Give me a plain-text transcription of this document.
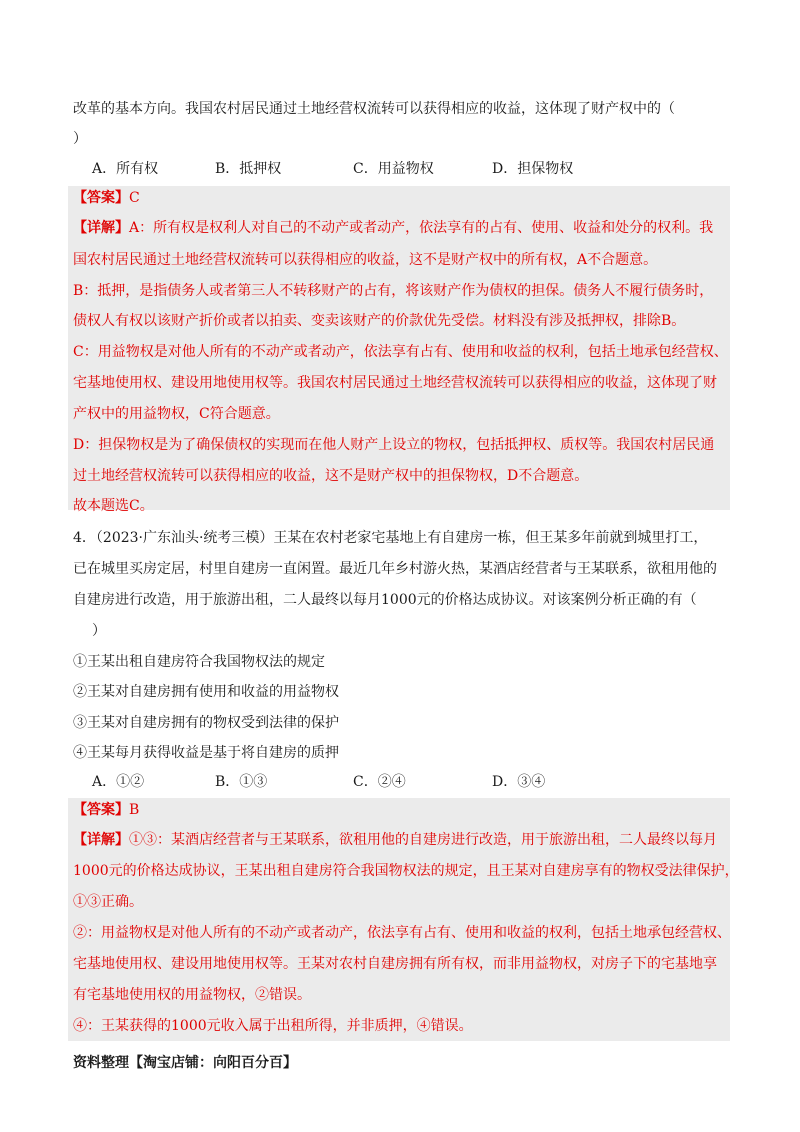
改革的基本方向。我国农村居民通过土地经营权流转可以获得相应的收益，这体现了财产权中的（
）
A．所有权	B．抵押权	C．用益物权	D．担保物权
【答案】C
【详解】A：所有权是权利人对自己的不动产或者动产，依法享有的占有、使用、收益和处分的权利。我
国农村居民通过土地经营权流转可以获得相应的收益，这不是财产权中的所有权，A不合题意。
B：抵押，是指债务人或者第三人不转移财产的占有，将该财产作为债权的担保。债务人不履行债务时，
债权人有权以该财产折价或者以拍卖、变卖该财产的价款优先受偿。材料没有涉及抵押权，排除B。
C：用益物权是对他人所有的不动产或者动产，依法享有占有、使用和收益的权利，包括土地承包经营权、
宅基地使用权、建设用地使用权等。我国农村居民通过土地经营权流转可以获得相应的收益，这体现了财
产权中的用益物权，C符合题意。
D：担保物权是为了确保债权的实现而在他人财产上设立的物权，包括抵押权、质权等。我国农村居民通
过土地经营权流转可以获得相应的收益，这不是财产权中的担保物权，D不合题意。
故本题选C。
4．（2023·广东汕头·统考三模）王某在农村老家宅基地上有自建房一栋，但王某多年前就到城里打工，
已在城里买房定居，村里自建房一直闲置。最近几年乡村游火热，某酒店经营者与王某联系，欲租用他的
自建房进行改造，用于旅游出租，二人最终以每月1000元的价格达成协议。对该案例分析正确的有（
）
①王某出租自建房符合我国物权法的规定
②王某对自建房拥有使用和收益的用益物权
③王某对自建房拥有的物权受到法律的保护
④王某每月获得收益是基于将自建房的质押
A．①②	B．①③	C．②④	D．③④
【答案】B
【详解】①③：某酒店经营者与王某联系，欲租用他的自建房进行改造，用于旅游出租，二人最终以每月
1000元的价格达成协议，王某出租自建房符合我国物权法的规定，且王某对自建房享有的物权受法律保护，
①③正确。
②：用益物权是对他人所有的不动产或者动产，依法享有占有、使用和收益的权利，包括土地承包经营权、
宅基地使用权、建设用地使用权等。王某对农村自建房拥有所有权，而非用益物权，对房子下的宅基地享
有宅基地使用权的用益物权，②错误。
④：王某获得的1000元收入属于出租所得，并非质押，④错误。
资料整理【淘宝店铺：向阳百分百】
